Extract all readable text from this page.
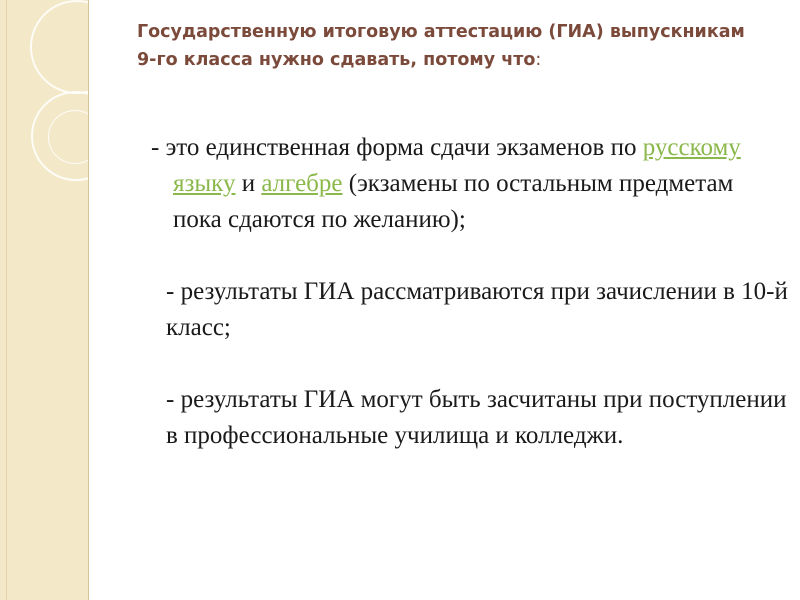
Государственную итоговую аттестацию (ГИА) выпускникам 9-го класса нужно сдавать, потому что:

- это единственная форма сдачи экзаменов по русскому языку и алгебре (экзамены по остальным предметам пока сдаются по желанию);

- результаты ГИА рассматриваются при зачислении в 10-й класс;

- результаты ГИА могут быть засчитаны при поступлении в профессиональные училища и колледжи.
